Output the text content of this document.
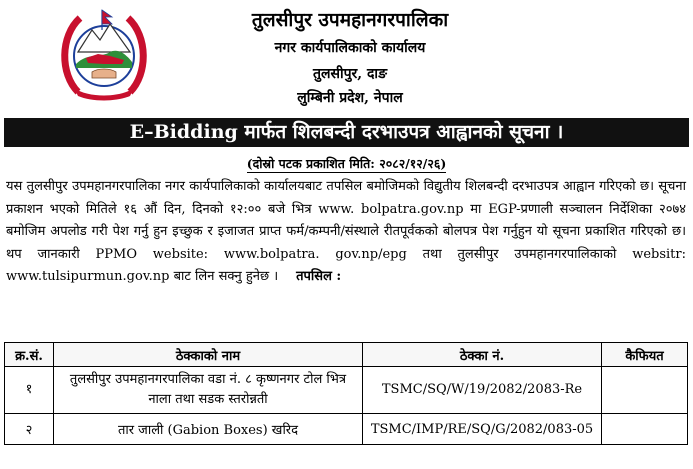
तुलसीपुर उपमहानगरपालिका
नगर कार्यपालिकाको कार्यालय
तुलसीपुर, दाङ
लुम्बिनी प्रदेश, नेपाल
E–Bidding मार्फत शिलबन्दी दरभाउपत्र आह्वानको सूचना ।
(दोस्रो पटक प्रकाशित मिति: २०८२/१२/२६)

यस तुलसीपुर उपमहानगरपालिका नगर कार्यपालिकाको कार्यालयबाट तपसिल बमोजिमको विद्युतीय शिलबन्दी दरभाउपत्र आह्वान गरिएको छ। सूचना प्रकाशन भएको मितिले १६ औं दिन, दिनको १२:०० बजे भित्र www. bolpatra.gov.np मा EGP-प्रणाली सञ्चालन निर्देशिका २०७४ बमोजिम अपलोड गरी पेश गर्नु हुन इच्छुक र इजाजत प्राप्त फर्म/कम्पनी/संस्थाले रीतपूर्वकको बोलपत्र पेश गर्नुहुन यो सूचना प्रकाशित गरिएको छ। थप जानकारी PPMO website: www.bolpatra. gov.np/epg तथा तुलसीपुर उपमहानगरपालिकाको websitr: www.tulsipurmun.gov.np बाट लिन सक्नु हुनेछ । तपसिल :

क्र.सं.	ठेक्काको नाम	ठेक्का नं.	कैफियत
१	तुलसीपुर उपमहानगरपालिका वडा नं. ८ कृष्णनगर टोल भित्र नाला तथा सडक स्तरोन्नती	TSMC/SQ/W/19/2082/2083-Re	
२	तार जाली (Gabion Boxes) खरिद	TSMC/IMP/RE/SQ/G/2082/083-05	
